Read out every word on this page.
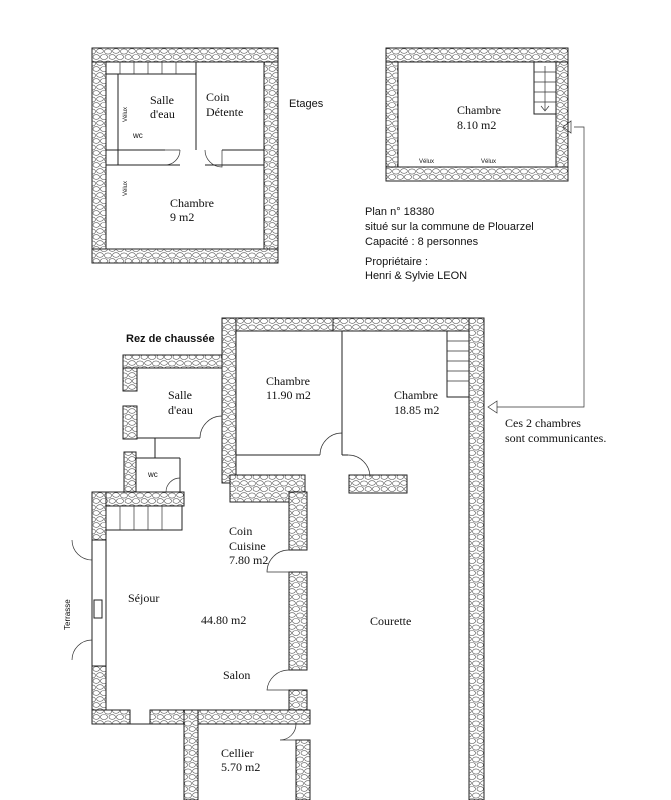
Salle
d'eau
Coin
Détente
wc
Chambre
9 m2
Vélux
Vélux
Etages	Chambre
8.10 m2
Vélux	Vélux
Plan n° 18380
situé sur la commune de Plouarzel
Capacité : 8 personnes
Propriétaire :
Henri & Sylvie LEON
Ces 2 chambres
sont communicantes.
Rez de chaussée
Salle
d'eau
wc
Chambre
11.90 m2	Chambre
18.85 m2
Coin
Cuisine
7.80 m2
Séjour
44.80 m2
Salon
Courette
Cellier
5.70 m2
Terrasse
